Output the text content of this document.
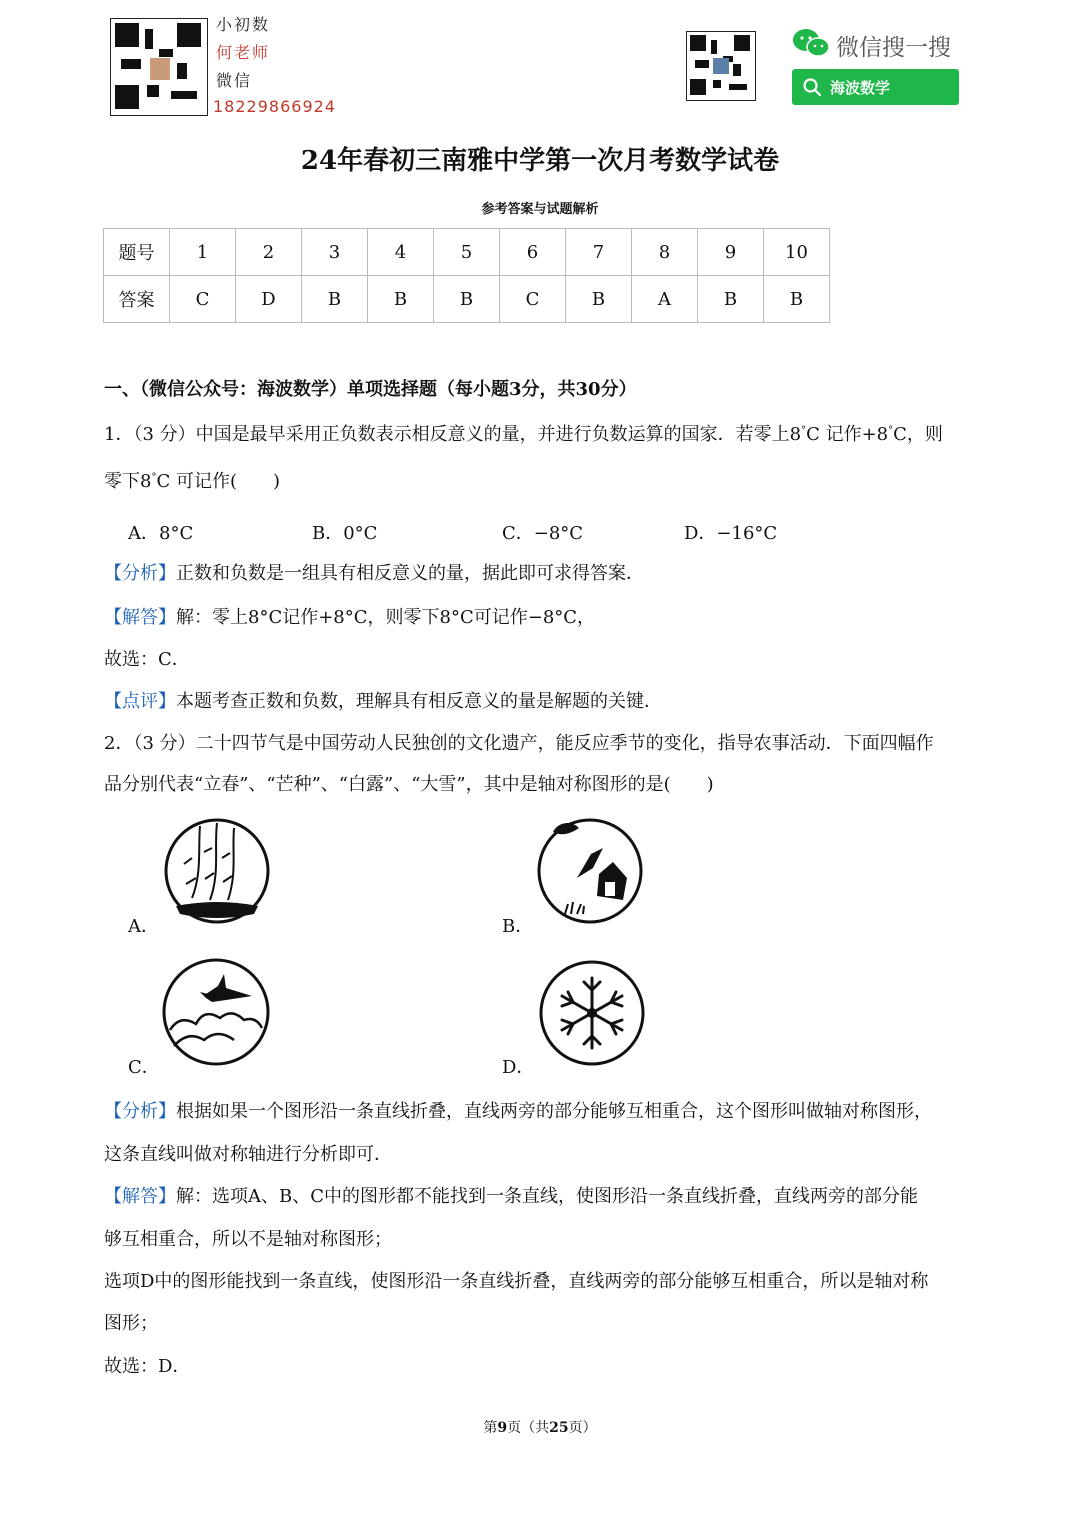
小初数
何老师
微信
18229866924
微信搜一搜
海波数学
24年春初三南雅中学第一次月考数学试卷
参考答案与试题解析
题号	1	2	3	4	5	6	7	8	9	10
答案	C	D	B	B	B	C	B	A	B	B
一、（微信公众号：海波数学）单项选择题（每小题3分，共30分）
1．（3 分）中国是最早采用正负数表示相反意义的量，并进行负数运算的国家．若零上8°C 记作+8°C，则
零下8°C 可记作(　　)
A．8°C	B．0°C	C．−8°C	D．−16°C
【分析】正数和负数是一组具有相反意义的量，据此即可求得答案．
【解答】解：零上8°C记作+8°C，则零下8°C可记作−8°C，
故选：C．
【点评】本题考查正数和负数，理解具有相反意义的量是解题的关键．
2．（3 分）二十四节气是中国劳动人民独创的文化遗产，能反应季节的变化，指导农事活动．下面四幅作
品分别代表“立春”、“芒种”、“白露”、“大雪”，其中是轴对称图形的是(　　)
A．	B．
C．	D．
【分析】根据如果一个图形沿一条直线折叠，直线两旁的部分能够互相重合，这个图形叫做轴对称图形，
这条直线叫做对称轴进行分析即可．
【解答】解：选项A、B、C中的图形都不能找到一条直线，使图形沿一条直线折叠，直线两旁的部分能
够互相重合，所以不是轴对称图形；
选项D中的图形能找到一条直线，使图形沿一条直线折叠，直线两旁的部分能够互相重合，所以是轴对称
图形；
故选：D．
第9页（共25页）
